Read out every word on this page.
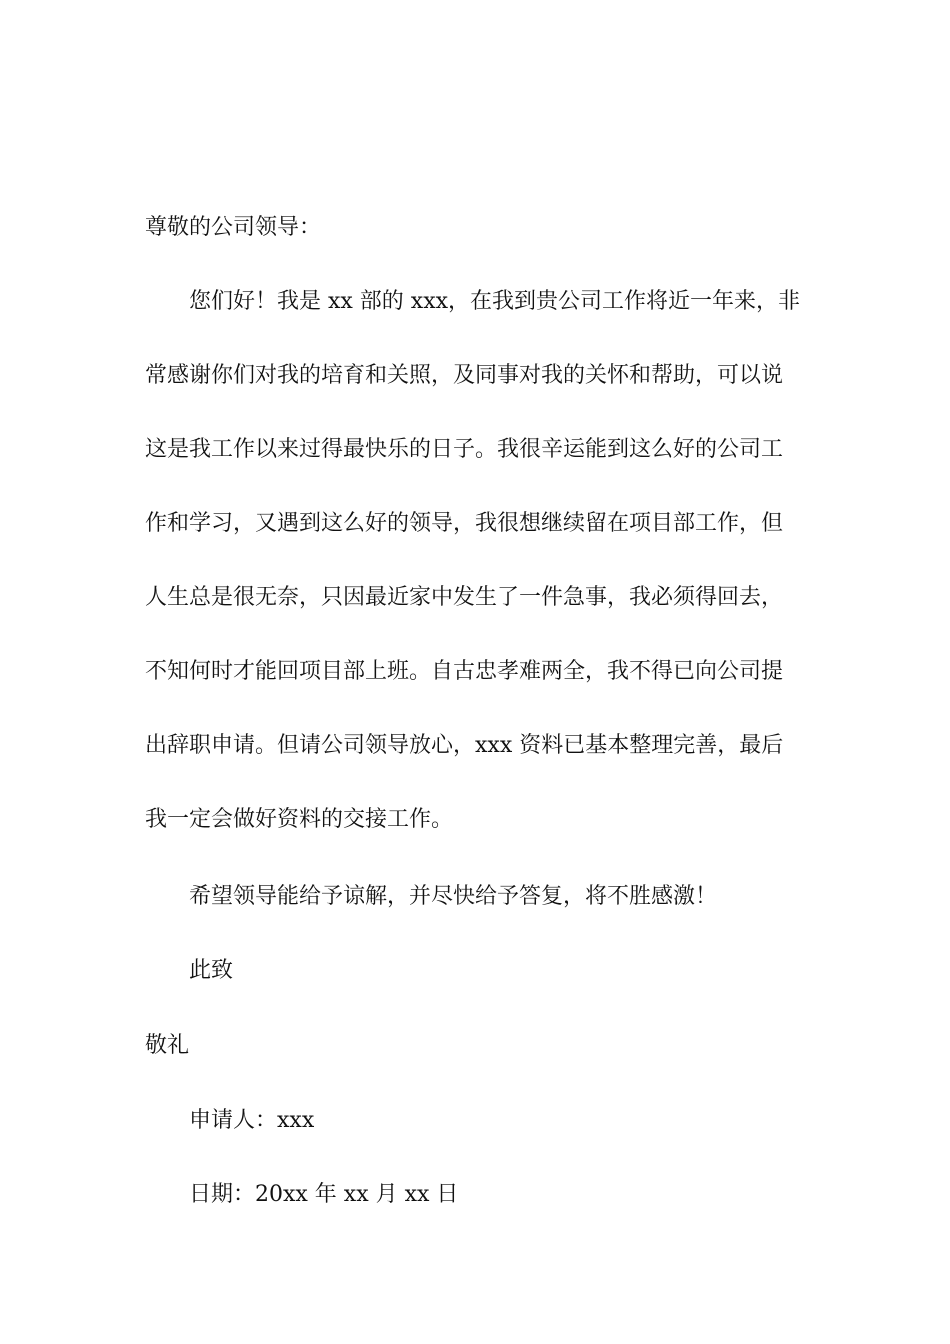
尊敬的公司领导：

您们好！我是 xx 部的 xxx，在我到贵公司工作将近一年来，非

常感谢你们对我的培育和关照，及同事对我的关怀和帮助，可以说

这是我工作以来过得最快乐的日子。我很辛运能到这么好的公司工

作和学习，又遇到这么好的领导，我很想继续留在项目部工作，但

人生总是很无奈，只因最近家中发生了一件急事，我必须得回去，

不知何时才能回项目部上班。自古忠孝难两全，我不得已向公司提

出辞职申请。但请公司领导放心，xxx 资料已基本整理完善，最后

我一定会做好资料的交接工作。

希望领导能给予谅解，并尽快给予答复，将不胜感激！

此致

敬礼

申请人：xxx

日期：20xx 年 xx 月 xx 日
